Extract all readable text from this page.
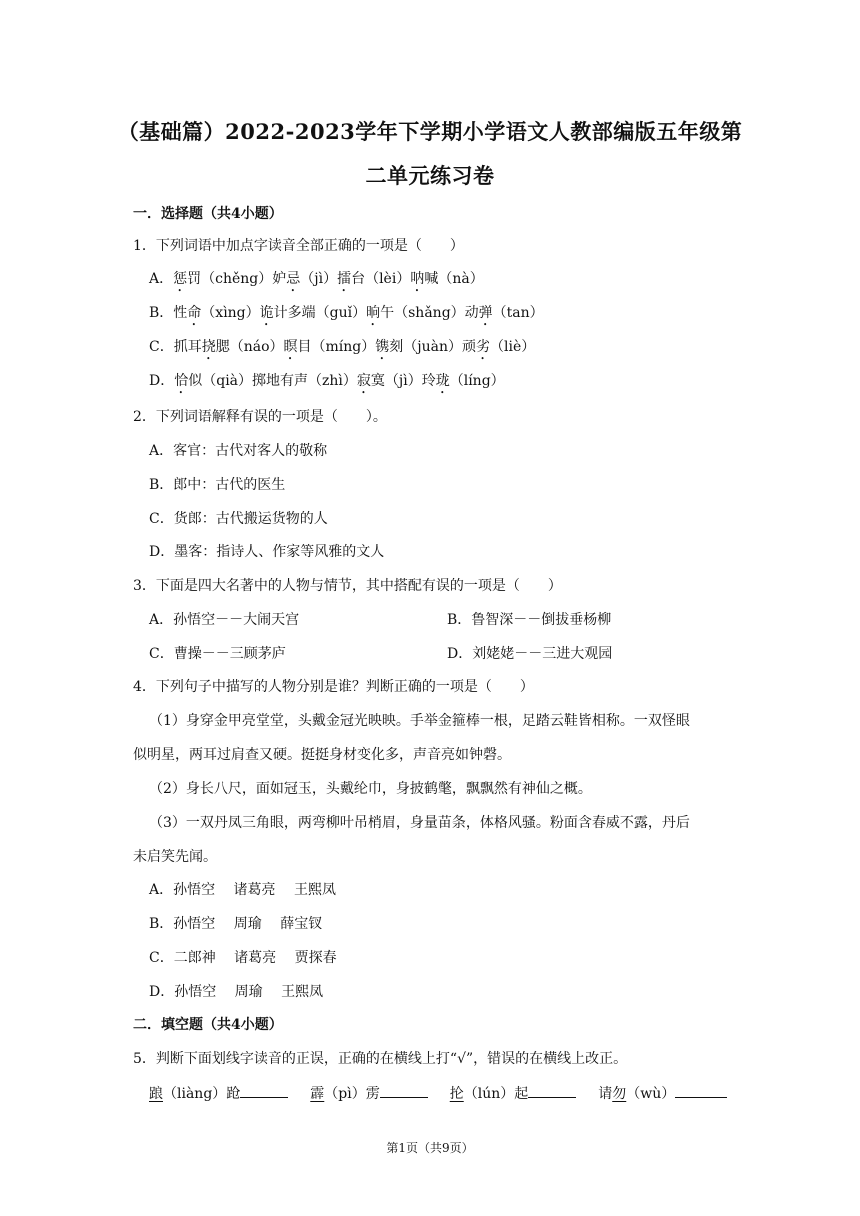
（基础篇）2022-2023学年下学期小学语文人教部编版五年级第
二单元练习卷
一．选择题（共4小题）
1．下列词语中加点字读音全部正确的一项是（　　）
A．惩罚（chěng）妒忌（jì）擂台（lèi）呐喊（nà）
B．性命（xìng）诡计多端（guǐ）晌午（shǎng）动弹（tan）
C．抓耳挠腮（náo）瞑目（míng）镌刻（juàn）顽劣（liè）
D．恰似（qià）掷地有声（zhì）寂寞（jì）玲珑（líng）
2．下列词语解释有误的一项是（　　）。
A．客官：古代对客人的敬称
B．郎中：古代的医生
C．货郎：古代搬运货物的人
D．墨客：指诗人、作家等风雅的文人
3．下面是四大名著中的人物与情节，其中搭配有误的一项是（　　）
A．孙悟空－－大闹天宫	B．鲁智深－－倒拔垂杨柳
C．曹操－－三顾茅庐	D．刘姥姥－－三进大观园
4．下列句子中描写的人物分别是谁？判断正确的一项是（　　）
（1）身穿金甲亮堂堂，头戴金冠光映映。手举金箍棒一根，足踏云鞋皆相称。一双怪眼
似明星，两耳过肩查又硬。挺挺身材变化多，声音亮如钟磬。
（2）身长八尺，面如冠玉，头戴纶巾，身披鹤氅，飘飘然有神仙之概。
（3）一双丹凤三角眼，两弯柳叶吊梢眉，身量苗条，体格风骚。粉面含春威不露，丹后
未启笑先闻。
A．孙悟空　 诸葛亮　 王熙凤
B．孙悟空　 周瑜　 薛宝钗
C．二郎神　 诸葛亮　 贾探春
D．孙悟空　 周瑜　 王熙凤
二．填空题（共4小题）
5．判断下面划线字读音的正误，正确的在横线上打“√”，错误的在横线上改正。
踉（liàng）跄	霹（pì）雳	抡（lún）起	请勿（wù）
第1页（共9页）
